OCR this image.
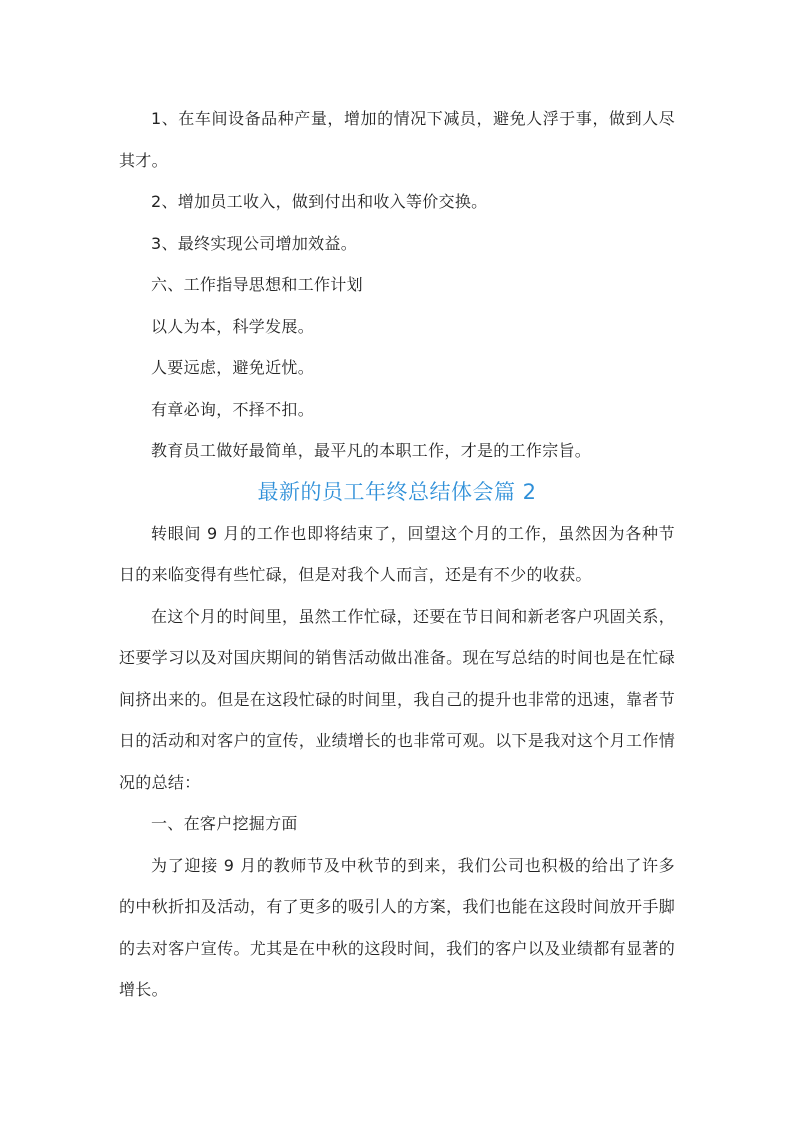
1、在车间设备品种产量，增加的情况下减员，避免人浮于事，做到人尽其才。

2、增加员工收入，做到付出和收入等价交换。

3、最终实现公司增加效益。

六、工作指导思想和工作计划

以人为本，科学发展。

人要远虑，避免近忧。

有章必询，不择不扣。

教育员工做好最简单，最平凡的本职工作，才是的工作宗旨。

最新的员工年终总结体会篇 2

转眼间 9 月的工作也即将结束了，回望这个月的工作，虽然因为各种节日的来临变得有些忙碌，但是对我个人而言，还是有不少的收获。

在这个月的时间里，虽然工作忙碌，还要在节日间和新老客户巩固关系，还要学习以及对国庆期间的销售活动做出准备。现在写总结的时间也是在忙碌间挤出来的。但是在这段忙碌的时间里，我自己的提升也非常的迅速，靠者节日的活动和对客户的宣传，业绩增长的也非常可观。以下是我对这个月工作情况的总结：

一、在客户挖掘方面

为了迎接 9 月的教师节及中秋节的到来，我们公司也积极的给出了许多的中秋折扣及活动，有了更多的吸引人的方案，我们也能在这段时间放开手脚的去对客户宣传。尤其是在中秋的这段时间，我们的客户以及业绩都有显著的增长。
